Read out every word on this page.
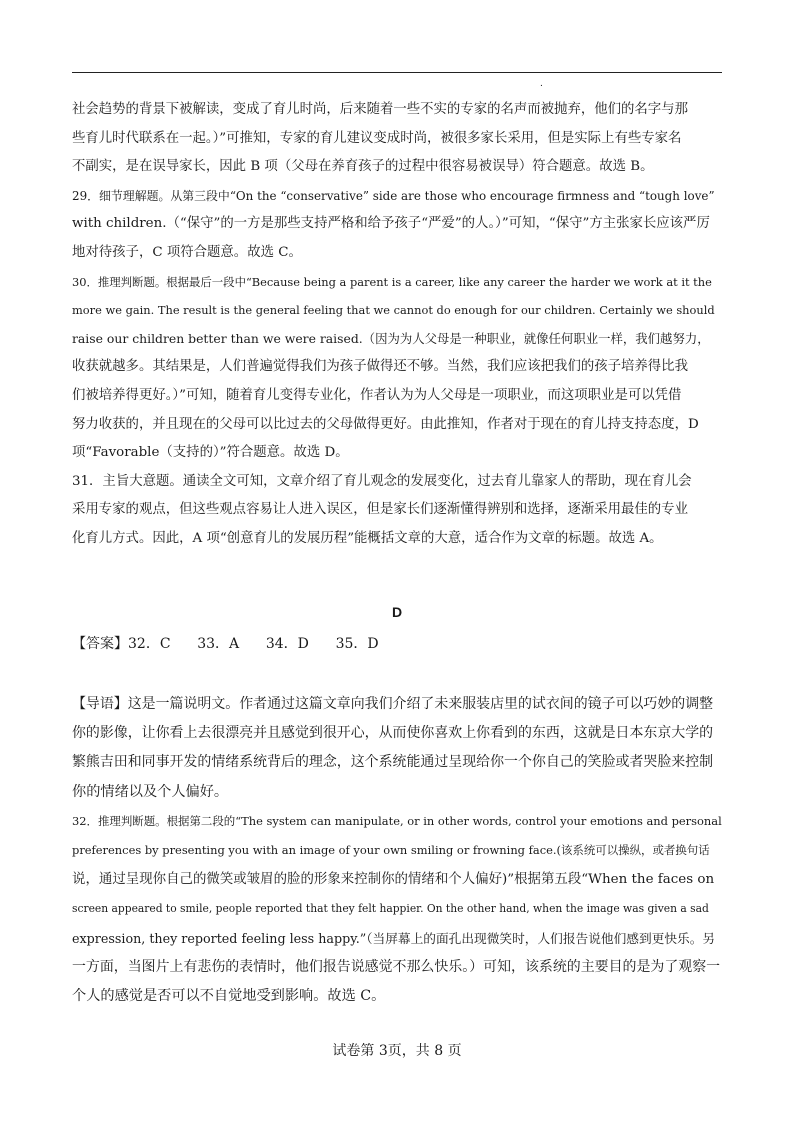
.

社会趋势的背景下被解读，变成了育儿时尚，后来随着一些不实的专家的名声而被抛弃，他们的名字与那
些育儿时代联系在一起。）”可推知，专家的育儿建议变成时尚，被很多家长采用，但是实际上有些专家名
不副实，是在误导家长，因此 B 项（父母在养育孩子的过程中很容易被误导）符合题意。故选 B。
29．细节理解题。从第三段中“On the “conservative” side are those who encourage firmness and “tough love”
with children.（“保守”的一方是那些支持严格和给予孩子“严爱”的人。）”可知，“保守”方主张家长应该严厉
地对待孩子，C 项符合题意。故选 C。
30．推理判断题。根据最后一段中“Because being a parent is a career, like any career the harder we work at it the
more we gain. The result is the general feeling that we cannot do enough for our children. Certainly we should
raise our children better than we were raised.（因为为人父母是一种职业，就像任何职业一样，我们越努力，
收获就越多。其结果是，人们普遍觉得我们为孩子做得还不够。当然，我们应该把我们的孩子培养得比我
们被培养得更好。）”可知，随着育儿变得专业化，作者认为为人父母是一项职业，而这项职业是可以凭借
努力收获的，并且现在的父母可以比过去的父母做得更好。由此推知，作者对于现在的育儿持支持态度，D
项“Favorable（支持的）”符合题意。故选 D。
31．主旨大意题。通读全文可知，文章介绍了育儿观念的发展变化，过去育儿靠家人的帮助，现在育儿会
采用专家的观点，但这些观点容易让人进入误区，但是家长们逐渐懂得辨别和选择，逐渐采用最佳的专业
化育儿方式。因此，A 项“创意育儿的发展历程”能概括文章的大意，适合作为文章的标题。故选 A。

D
【答案】32．C      33．A      34．D      35．D

【导语】这是一篇说明文。作者通过这篇文章向我们介绍了未来服装店里的试衣间的镜子可以巧妙的调整
你的影像，让你看上去很漂亮并且感觉到很开心，从而使你喜欢上你看到的东西，这就是日本东京大学的
繁熊吉田和同事开发的情绪系统背后的理念，这个系统能通过呈现给你一个你自己的笑脸或者哭脸来控制
你的情绪以及个人偏好。
32．推理判断题。根据第二段的“The system can manipulate, or in other words, control your emotions and personal
preferences by presenting you with an image of your own smiling or frowning face.(该系统可以操纵，或者换句话
说，通过呈现你自己的微笑或皱眉的脸的形象来控制你的情绪和个人偏好)”根据第五段“When the faces on
screen appeared to smile, people reported that they felt happier. On the other hand, when the image was given a sad
expression, they reported feeling less happy.”（当屏幕上的面孔出现微笑时，人们报告说他们感到更快乐。另
一方面，当图片上有悲伤的表情时，他们报告说感觉不那么快乐。）可知，该系统的主要目的是为了观察一
个人的感觉是否可以不自觉地受到影响。故选 C。

试卷第 3页，共 8 页
